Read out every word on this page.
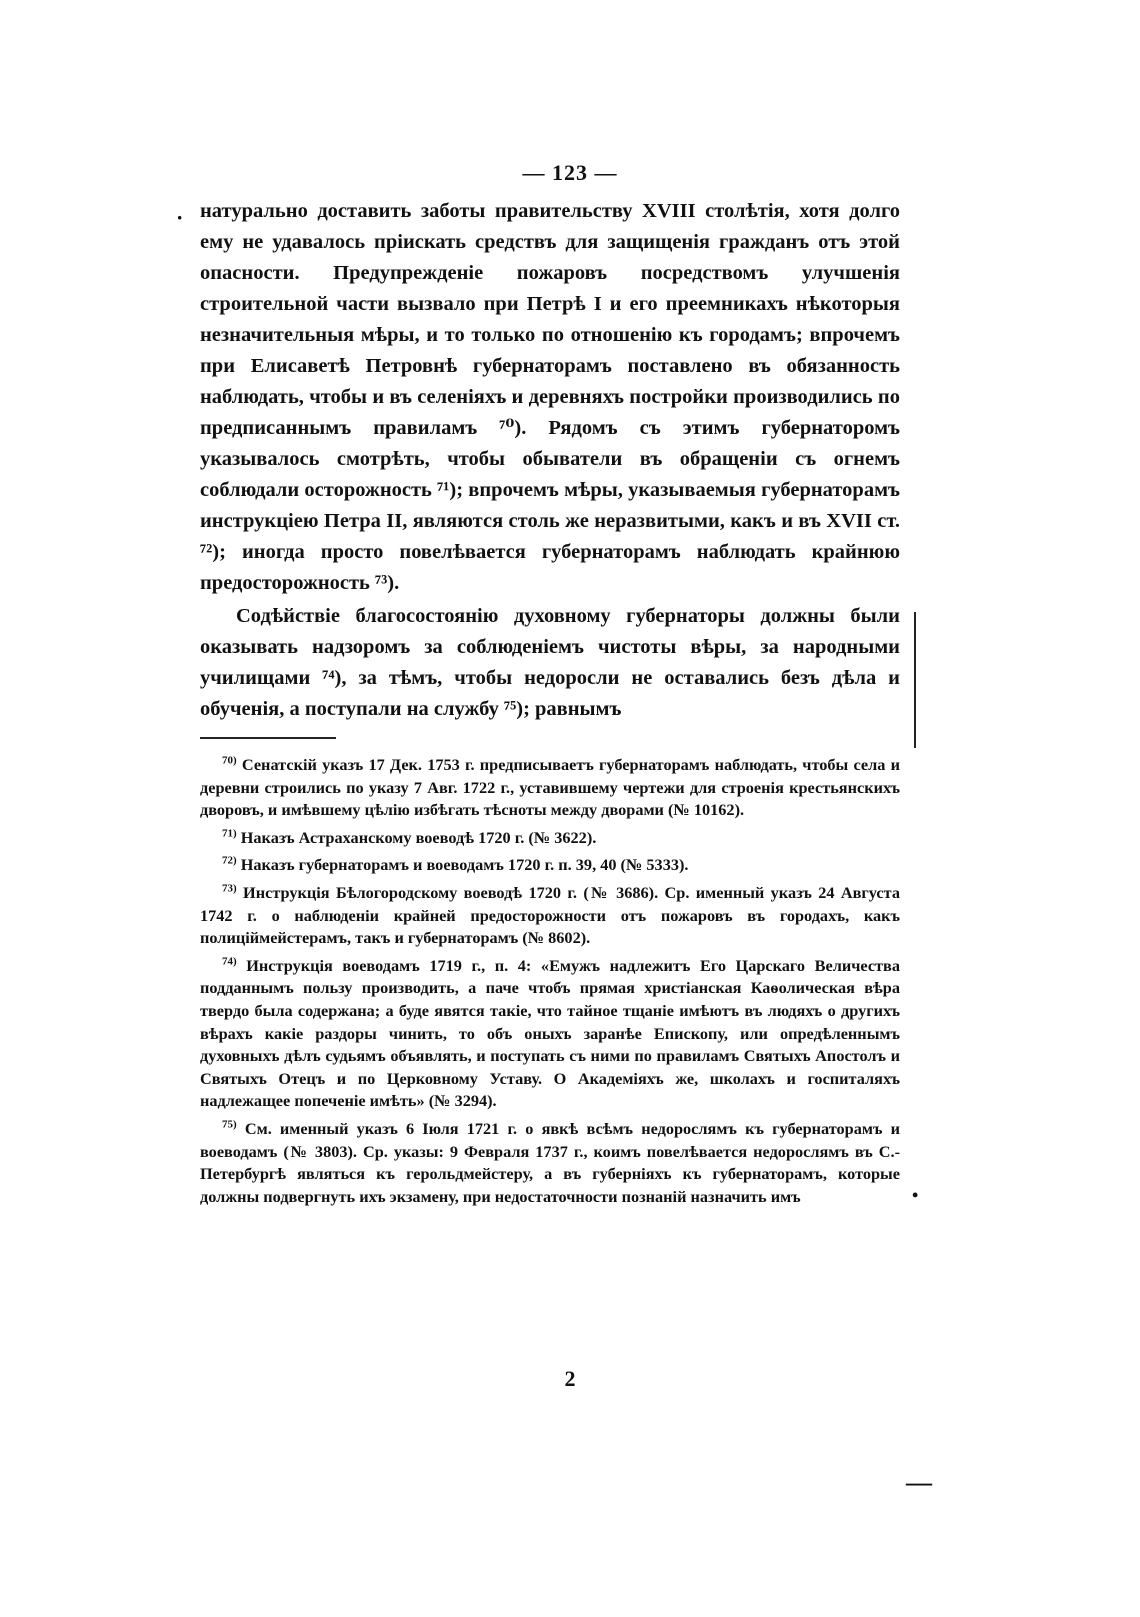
— 123 —
· натурально доставить заботы правительству XVIII столѣтія, хотя долго ему не удавалось пріискать средствъ для защищенія гражданъ отъ этой опасности. Предупрежденіе пожаровъ посредствомъ улучшенія строительной части вызвало при Петрѣ I и его преемникахъ нѣкоторыя незначительныя мѣры, и то только по отношенію къ городамъ; впрочемъ при Елисаветѣ Петровнѣ губернаторамъ поставлено въ обязанность наблюдать, чтобы и въ селеніяхъ и деревняхъ постройки производились по предписаннымъ правиламъ ⁷⁰). Рядомъ съ этимъ губернаторомъ указывалось смотрѣть, чтобы обыватели въ обращеніи съ огнемъ соблюдали осторожность ⁷¹); впрочемъ мѣры, указываемыя губернаторамъ инструкціею Петра II, являются столь же неразвитыми, какъ и въ XVII ст. ⁷²); иногда просто повелѣвается губернаторамъ наблюдать крайнюю предосторожность ⁷³).

Содѣйствіе благосостоянію духовному губернаторы должны были оказывать надзоромъ за соблюденіемъ чистоты вѣры, за народными училищами ⁷⁴), за тѣмъ, чтобы недоросли не оставались безъ дѣла и обученія, а поступали на службу ⁷⁵); равнымъ

$^{70)}$ Сенатскій указъ 17 Дек. 1753 г. предписываетъ губернаторамъ наблюдать, чтобы села и деревни строились по указу 7 Авг. 1722 г., уставившему чертежи для строенія крестьянскихъ дворовъ, и имѣвшему цѣлію избѣгать тѣсноты между дворами (№ 10162).

$^{71)}$ Наказъ Астраханскому воеводѣ 1720 г. (№ 3622).

$^{72)}$ Наказъ губернаторамъ и воеводамъ 1720 г. п. 39, 40 (№ 5333).

$^{73)}$ Инструкція Бѣлогородскому воеводѣ 1720 г. (№ 3686). Ср. именный указъ 24 Августа 1742 г. о наблюденіи крайней предосторожности отъ пожаровъ въ городахъ, какъ полиціймейстерамъ, такъ и губернаторамъ (№ 8602).

$^{74)}$ Инструкція воеводамъ 1719 г., п. 4: «Емужъ надлежитъ Его Царскаго Величества подданнымъ пользу производить, а паче чтобъ прямая христіанская Каѳолическая вѣра твердо была содержана; а буде явятся такіе, что тайное тщаніе имѣютъ въ людяхъ о другихъ вѣрахъ какіе раздоры чинить, то объ оныхъ заранѣе Епископу, или опредѣленнымъ духовныхъ дѣлъ судьямъ объявлять, и поступать съ ними по правиламъ Святыхъ Апостолъ и Святыхъ Отецъ и по Церковному Уставу. О Академіяхъ же, школахъ и госпиталяхъ надлежащее попеченіе имѣть» (№ 3294).

$^{75)}$ См. именный указъ 6 Іюля 1721 г. о явкѣ всѣмъ недорослямъ къ губернаторамъ и воеводамъ (№ 3803). Ср. указы: 9 Февраля 1737 г., коимъ повелѣвается недорослямъ въ С.-Петербургѣ являться къ герольдмейстеру, а въ губерніяхъ къ губернаторамъ, которые должны подвергнуть ихъ экзамену, при недостаточности познаній назначить имъ	•
2
—
